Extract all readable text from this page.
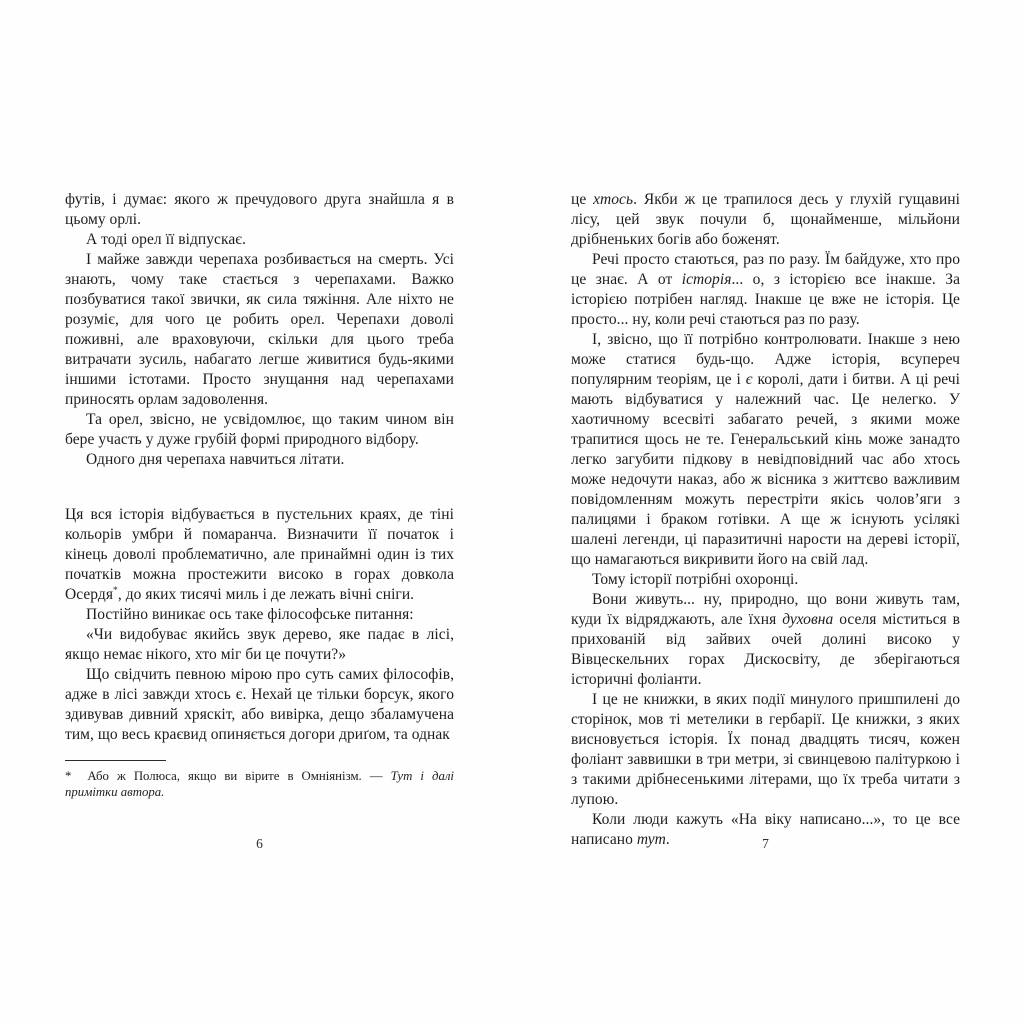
футів, і думає: якого ж пречудового друга знайшла я в цьому орлі.

А тоді орел її відпускає.

І майже завжди черепаха розбивається на смерть. Усі знають, чому таке стається з черепахами. Важко позбуватися такої звички, як сила тяжіння. Але ніхто не розуміє, для чого це робить орел. Черепахи доволі поживні, але враховуючи, скільки для цього треба витрачати зусиль, набагато легше живитися будь-якими іншими істотами. Просто знущання над черепахами приносять орлам задоволення.

Та орел, звісно, не усвідомлює, що таким чином він бере участь у дуже грубій формі природного відбору.

Одного дня черепаха навчиться літати.

Ця вся історія відбувається в пустельних краях, де тіні кольорів умбри й помаранча. Визначити її початок і кінець доволі проблематично, але принаймні один із тих початків можна простежити високо в горах довкола Осердя*, до яких тисячі миль і де лежать вічні сніги.

Постійно виникає ось таке філософське питання:

«Чи видобуває якийсь звук дерево, яке падає в лісі, якщо немає нікого, хто міг би це почути?»

Що свідчить певною мірою про суть самих філософів, адже в лісі завжди хтось є. Нехай це тільки борсук, якого здивував дивний хряскіт, або вивірка, дещо збаламучена тим, що весь краєвид опиняється догори дриґом, та однак

* Або ж Полюса, якщо ви вірите в Омніянізм. — Тут і далі примітки автора.
6

це хтось. Якби ж це трапилося десь у глухій гущавині лісу, цей звук почули б, щонайменше, мільйони дрібненьких богів або боженят.

Речі просто стаються, раз по разу. Їм байдуже, хто про це знає. А от історія... о, з історією все інакше. За історією потрібен нагляд. Інакше це вже не історія. Це просто... ну, коли речі стаються раз по разу.

І, звісно, що її потрібно контролювати. Інакше з нею може статися будь-що. Адже історія, всупереч популярним теоріям, це і є королі, дати і битви. А ці речі мають відбуватися у належний час. Це нелегко. У хаотичному всесвіті забагато речей, з якими може трапитися щось не те. Генеральський кінь може занадто легко загубити підкову в невідповідний час або хтось може недочути наказ, або ж вісника з життєво важливим повідомленням можуть перестріти якісь чолов’яги з палицями і браком готівки. А ще ж існують усілякі шалені легенди, ці паразитичні нарости на дереві історії, що намагаються викривити його на свій лад.

Тому історії потрібні охоронці.

Вони живуть... ну, природно, що вони живуть там, куди їх відряджають, але їхня духовна оселя міститься в прихованій від зайвих очей долині високо у Вівцескельних горах Дискосвіту, де зберігаються історичні фоліанти.

І це не книжки, в яких події минулого пришпилені до сторінок, мов ті метелики в гербарії. Це книжки, з яких висновується історія. Їх понад двадцять тисяч, кожен фоліант заввишки в три метри, зі свинцевою палітуркою і з такими дрібнесенькими літерами, що їх треба читати з лупою.

Коли люди кажуть «На віку написано...», то це все написано тут.	7
